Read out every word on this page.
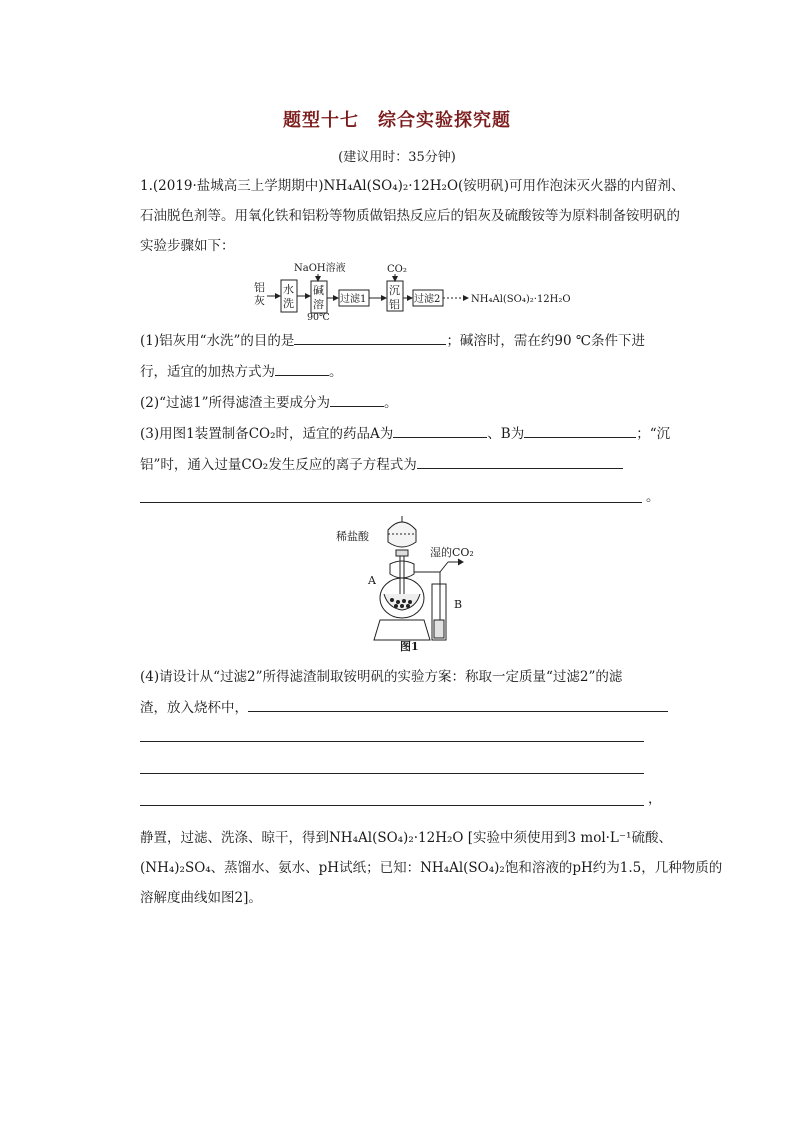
题型十七　综合实验探究题
(建议用时：35分钟)
1.(2019·盐城高三上学期期中)NH₄Al(SO₄)₂·12H₂O(铵明矾)可用作泡沫灭火器的内留剂、
石油脱色剂等。用氧化铁和铝粉等物质做铝热反应后的铝灰及硫酸铵等为原料制备铵明矾的
实验步骤如下：
铝
灰
水
洗
NaOH溶液
碱
溶
90℃
过滤1
CO₂
沉
铝 过滤2	NH₄Al(SO₄)₂·12H₂O
(1)铝灰用“水洗”的目的是	；碱溶时，需在约90 ℃条件下进
行，适宜的加热方式为	。
(2)“过滤1”所得滤渣主要成分为	。
(3)用图1装置制备CO₂时，适宜的药品A为	、B为	；“沉
铝”时，通入过量CO₂发生反应的离子方程式为
。
稀盐酸
湿的CO₂
A
B
图1
(4)请设计从“过滤2”所得滤渣制取铵明矾的实验方案：称取一定质量“过滤2”的滤
渣，放入烧杯中，
，
静置，过滤、洗涤、晾干，得到NH₄Al(SO₄)₂·12H₂O [实验中须使用到3 mol·L⁻¹硫酸、
(NH₄)₂SO₄、蒸馏水、氨水、pH试纸；已知：NH₄Al(SO₄)₂饱和溶液的pH约为1.5，几种物质的
溶解度曲线如图2]。
